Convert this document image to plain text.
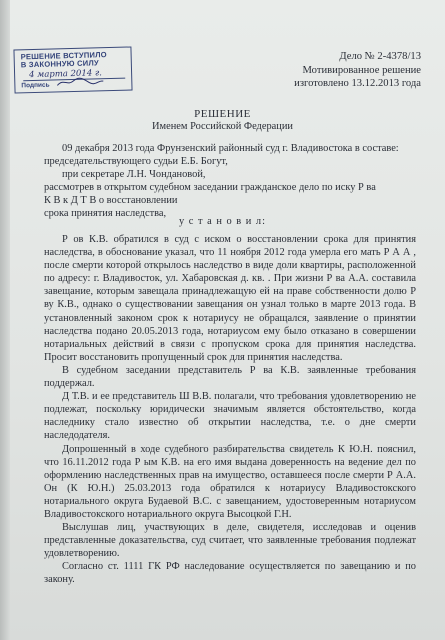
РЕШЕНИЕ ВСТУПИЛО
В ЗАКОННУЮ СИЛУ
4 марта 2014 г.
Подпись
Дело № 2-4378/13
Мотивированное решение
изготовлено 13.12.2013 года
РЕШЕНИЕ
Именем Российской Федерации

09 декабря 2013 года Фрунзенский районный суд г. Владивостока в составе:

председательствующего судьи Е.Б. Богут,

при секретаре Л.Н. Чондановой,

рассмотрев в открытом судебном заседании гражданское дело по иску Р ва

К В к Д Т В о восстановлении

срока принятия наследства,

у с т а н о в и л:

Р ов К.В. обратился в суд с иском о восстановлении срока для принятия наследства, в обоснование указал, что 11 ноября 2012 года умерла его мать Р А А , после смерти которой открылось наследство в виде доли квартиры, расположенной по адресу: г. Владивосток, ул. Хабаровская д. кв. . При жизни Р ва А.А. составила завещание, которым завещала принадлежащую ей на праве собственности долю Р ву К.В., однако о существовании завещания он узнал только в марте 2013 года. В установленный законом срок к нотариусу не обращался, заявление о принятии наследства подано 20.05.2013 года, нотариусом ему было отказано в совершении нотариальных действий в связи с пропуском срока для принятия наследства. Просит восстановить пропущенный срок для принятия наследства.

В судебном заседании представитель Р ва К.В. заявленные требования поддержал.

Д Т.В. и ее представитель Ш В.В. полагали, что требования удовлетворению не подлежат, поскольку юридически значимым является обстоятельство, когда наследнику стало известно об открытии наследства, т.е. о дне смерти наследодателя.

Допрошенный в ходе судебного разбирательства свидетель К Ю.Н. пояснил, что 16.11.2012 года Р ым К.В. на его имя выдана доверенность на ведение дел по оформлению наследственных прав на имущество, оставшееся после смерти Р А.А. Он (К Ю.Н.) 25.03.2013 года обратился к нотариусу Владивостокского нотариального округа Будаевой В.С. с завещанием, удостоверенным нотариусом Владивостокского нотариального округа Высоцкой Г.Н.

Выслушав лиц, участвующих в деле, свидетеля, исследовав и оценив представленные доказательства, суд считает, что заявленные требования подлежат удовлетворению.

Согласно ст. 1111 ГК РФ наследование осуществляется по завещанию и по закону.
